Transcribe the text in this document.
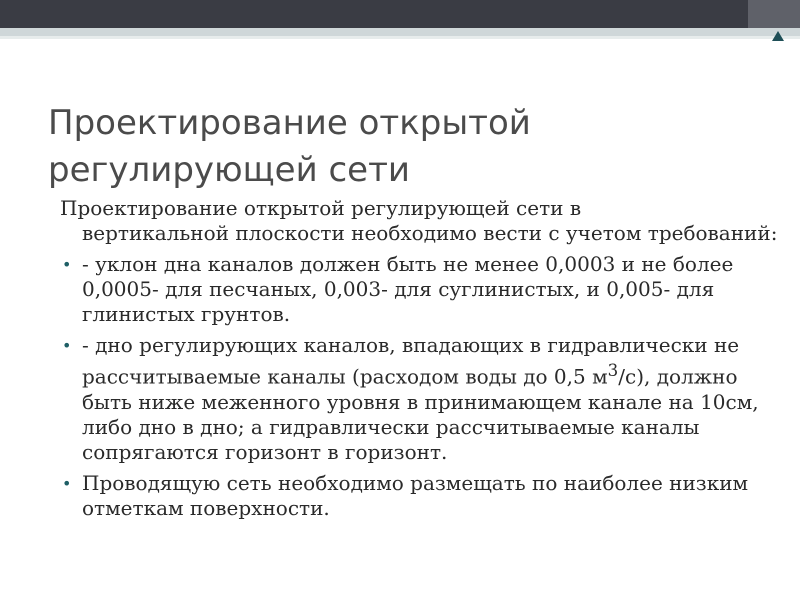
Проектирование открытой
регулирующей сети

Проектирование открытой регулирующей сети в
вертикальной плоскости необходимо вести с учетом требований:

• - уклон дна каналов должен быть не менее 0,0003 и не более 0,0005- для песчаных, 0,003- для суглинистых, и 0,005- для глинистых грунтов.
• - дно регулирующих каналов, впадающих в гидравлически не рассчитываемые каналы (расходом воды до 0,5 $м^3/с$), должно быть ниже меженного уровня в принимающем канале на 10см, либо дно в дно; а гидравлически рассчитываемые каналы сопрягаются горизонт в горизонт.
• Проводящую сеть необходимо размещать по наиболее низким отметкам поверхности.
